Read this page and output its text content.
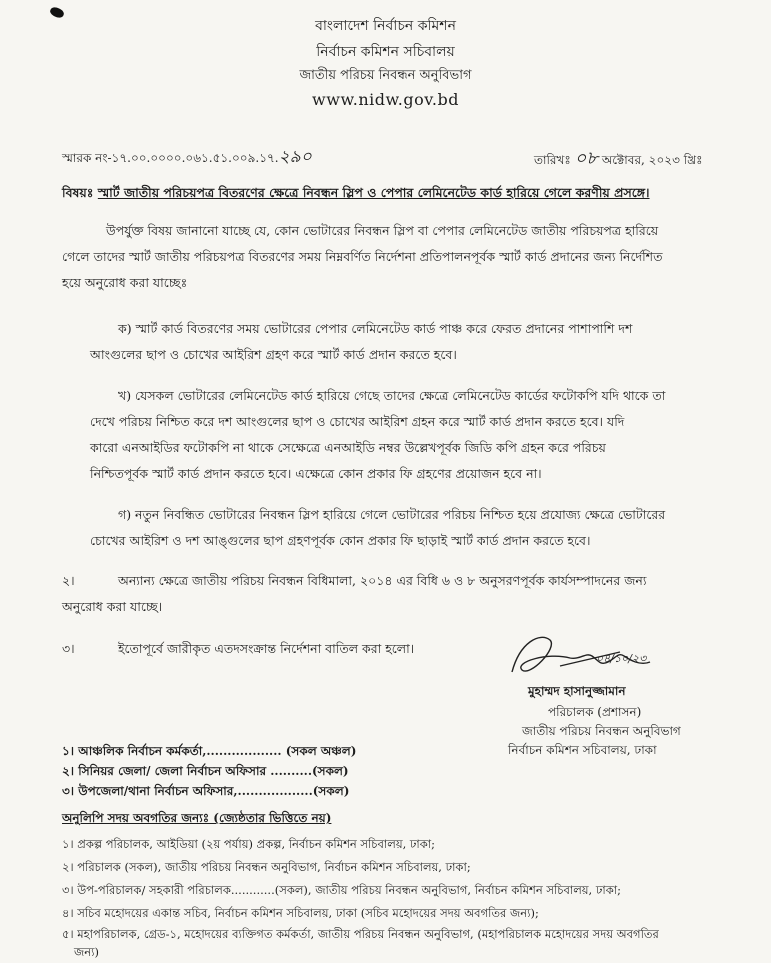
বাংলাদেশ নির্বাচন কমিশন
নির্বাচন কমিশন সচিবালয়
জাতীয় পরিচয় নিবন্ধন অনুবিভাগ
www.nidw.gov.bd
স্মারক নং-১৭.০০.০০০০.০৬১.৫১.০০৯.১৭.২৯০	তারিখঃ ০৮ অক্টোবর, ২০২৩ খ্রিঃ
বিষয়ঃ স্মার্ট জাতীয় পরিচয়পত্র বিতরণের ক্ষেত্রে নিবন্ধন স্লিপ ও পেপার লেমিনেটেড কার্ড হারিয়ে গেলে করণীয় প্রসঙ্গে।
উপর্যুক্ত বিষয় জানানো যাচ্ছে যে, কোন ভোটারের নিবন্ধন স্লিপ বা পেপার লেমিনেটেড জাতীয় পরিচয়পত্র হারিয়ে
গেলে তাদের স্মার্ট জাতীয় পরিচয়পত্র বিতরণের সময় নিম্নবর্ণিত নির্দেশনা প্রতিপালনপূর্বক স্মার্ট কার্ড প্রদানের জন্য নির্দেশিত
হয়ে অনুরোধ করা যাচ্ছেঃ
ক) স্মার্ট কার্ড বিতরণের সময় ভোটারের পেপার লেমিনেটেড কার্ড পাঞ্চ করে ফেরত প্রদানের পাশাপাশি দশ
আংগুলের ছাপ ও চোখের আইরিশ গ্রহণ করে স্মার্ট কার্ড প্রদান করতে হবে।
খ) যেসকল ভোটারের লেমিনেটেড কার্ড হারিয়ে গেছে তাদের ক্ষেত্রে লেমিনেটেড কার্ডের ফটোকপি যদি থাকে তা
দেখে পরিচয় নিশ্চিত করে দশ আংগুলের ছাপ ও চোখের আইরিশ গ্রহন করে স্মার্ট কার্ড প্রদান করতে হবে। যদি
কারো এনআইডির ফটোকপি না থাকে সেক্ষেত্রে এনআইডি নম্বর উল্লেখপূর্বক জিডি কপি গ্রহন করে পরিচয়
নিশ্চিতপূর্বক স্মার্ট কার্ড প্রদান করতে হবে। এক্ষেত্রে কোন প্রকার ফি গ্রহণের প্রয়োজন হবে না।
গ) নতুন নিবন্ধিত ভোটারের নিবন্ধন স্লিপ হারিয়ে গেলে ভোটারের পরিচয় নিশ্চিত হয়ে প্রযোজ্য ক্ষেত্রে ভোটারের
চোখের আইরিশ ও দশ আঙ্গুলের ছাপ গ্রহণপূর্বক কোন প্রকার ফি ছাড়াই স্মার্ট কার্ড প্রদান করতে হবে।
২।	অন্যান্য ক্ষেত্রে জাতীয় পরিচয় নিবন্ধন বিধিমালা, ২০১৪ এর বিধি ৬ ও ৮ অনুসরণপূর্বক কার্যসম্পাদনের জন্য
অনুরোধ করা যাচ্ছে।
৩।	ইতোপূর্বে জারীকৃত এতদসংক্রান্ত নির্দেশনা বাতিল করা হলো।
০৪/১০/২৩
মুহাম্মদ হাসানুজ্জামান
পরিচালক (প্রশাসন)
জাতীয় পরিচয় নিবন্ধন অনুবিভাগ
নির্বাচন কমিশন সচিবালয়, ঢাকা
১। আঞ্চলিক নির্বাচন কর্মকর্তা,.................. (সকল অঞ্চল)
২। সিনিয়র জেলা/ জেলা নির্বাচন অফিসার ..........(সকল)
৩। উপজেলা/থানা নির্বাচন অফিসার,..................(সকল)
অনুলিপি সদয় অবগতির জন্যঃ (জ্যেষ্ঠতার ভিত্তিতে নয়)
১। প্রকল্প পরিচালক, আইডিয়া (২য় পর্যায়) প্রকল্প, নির্বাচন কমিশন সচিবালয়, ঢাকা;
২। পরিচালক (সকল), জাতীয় পরিচয় নিবন্ধন অনুবিভাগ, নির্বাচন কমিশন সচিবালয়, ঢাকা;
৩। উপ-পরিচালক/ সহকারী পরিচালক............(সকল), জাতীয় পরিচয় নিবন্ধন অনুবিভাগ, নির্বাচন কমিশন সচিবালয়, ঢাকা;
৪। সচিব মহোদয়ের একান্ত সচিব, নির্বাচন কমিশন সচিবালয়, ঢাকা (সচিব মহোদয়ের সদয় অবগতির জন্য);
৫। মহাপরিচালক, গ্রেড-১, মহোদয়ের ব্যক্তিগত কর্মকর্তা, জাতীয় পরিচয় নিবন্ধন অনুবিভাগ, (মহাপরিচালক মহোদয়ের সদয় অবগতির
জন্য)
